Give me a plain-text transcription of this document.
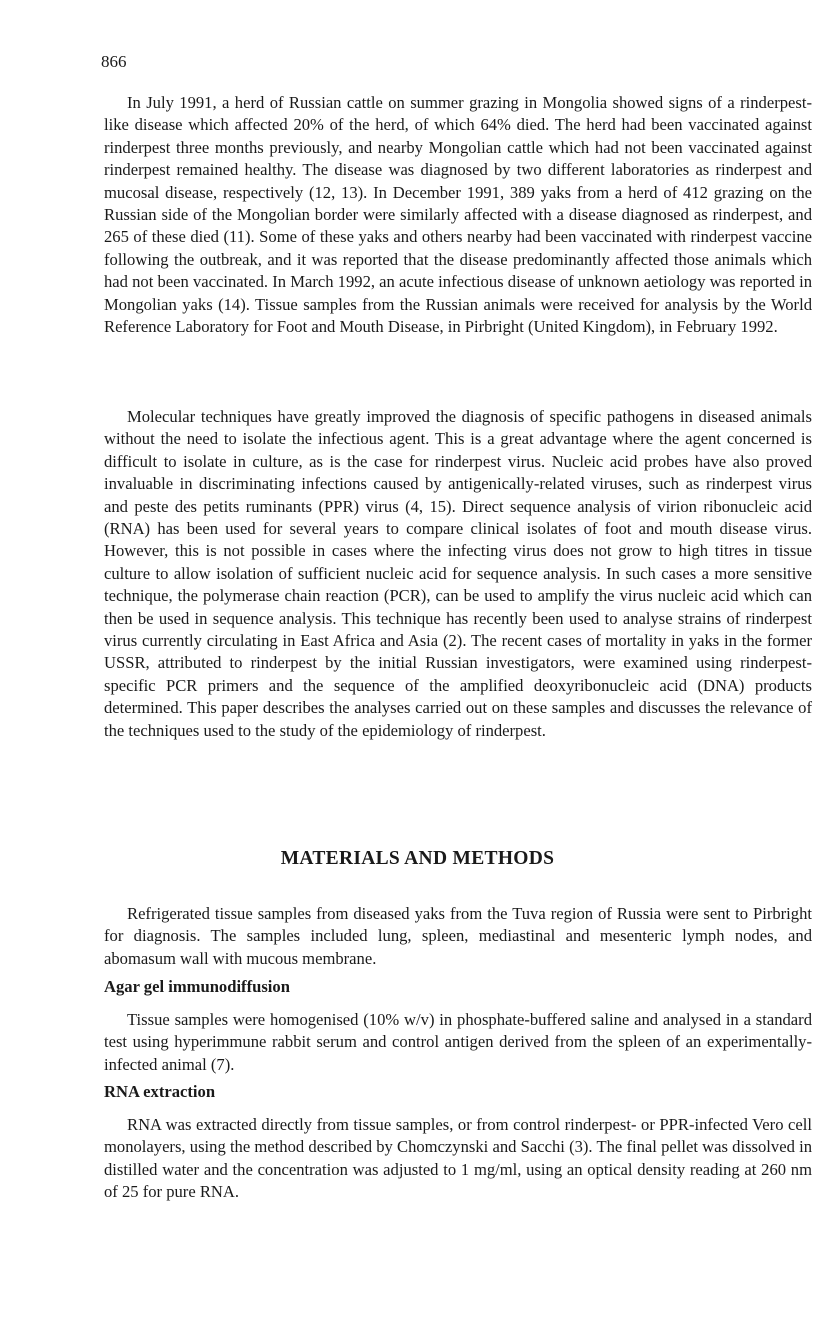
866

In July 1991, a herd of Russian cattle on summer grazing in Mongolia showed signs of a rinderpest-like disease which affected 20% of the herd, of which 64% died. The herd had been vaccinated against rinderpest three months previously, and nearby Mongolian cattle which had not been vaccinated against rinderpest remained healthy. The disease was diagnosed by two different laboratories as rinderpest and mucosal disease, respectively (12, 13). In December 1991, 389 yaks from a herd of 412 grazing on the Russian side of the Mongolian border were similarly affected with a disease diagnosed as rinderpest, and 265 of these died (11). Some of these yaks and others nearby had been vaccinated with rinderpest vaccine following the outbreak, and it was reported that the disease predominantly affected those animals which had not been vaccinated. In March 1992, an acute infectious disease of unknown aetiology was reported in Mongolian yaks (14). Tissue samples from the Russian animals were received for analysis by the World Reference Laboratory for Foot and Mouth Disease, in Pirbright (United Kingdom), in February 1992.

Molecular techniques have greatly improved the diagnosis of specific pathogens in diseased animals without the need to isolate the infectious agent. This is a great advantage where the agent concerned is difficult to isolate in culture, as is the case for rinderpest virus. Nucleic acid probes have also proved invaluable in discriminating infections caused by antigenically-related viruses, such as rinderpest virus and peste des petits ruminants (PPR) virus (4, 15). Direct sequence analysis of virion ribonucleic acid (RNA) has been used for several years to compare clinical isolates of foot and mouth disease virus. However, this is not possible in cases where the infecting virus does not grow to high titres in tissue culture to allow isolation of sufficient nucleic acid for sequence analysis. In such cases a more sensitive technique, the polymerase chain reaction (PCR), can be used to amplify the virus nucleic acid which can then be used in sequence analysis. This technique has recently been used to analyse strains of rinderpest virus currently circulating in East Africa and Asia (2). The recent cases of mortality in yaks in the former USSR, attributed to rinderpest by the initial Russian investigators, were examined using rinderpest-specific PCR primers and the sequence of the amplified deoxyribonucleic acid (DNA) products determined. This paper describes the analyses carried out on these samples and discusses the relevance of the techniques used to the study of the epidemiology of rinderpest.

MATERIALS AND METHODS

Refrigerated tissue samples from diseased yaks from the Tuva region of Russia were sent to Pirbright for diagnosis. The samples included lung, spleen, mediastinal and mesenteric lymph nodes, and abomasum wall with mucous membrane.

Agar gel immunodiffusion

Tissue samples were homogenised (10% w/v) in phosphate-buffered saline and analysed in a standard test using hyperimmune rabbit serum and control antigen derived from the spleen of an experimentally-infected animal (7).

RNA extraction

RNA was extracted directly from tissue samples, or from control rinderpest- or PPR-infected Vero cell monolayers, using the method described by Chomczynski and Sacchi (3). The final pellet was dissolved in distilled water and the concentration was adjusted to 1 mg/ml, using an optical density reading at 260 nm of 25 for pure RNA.
